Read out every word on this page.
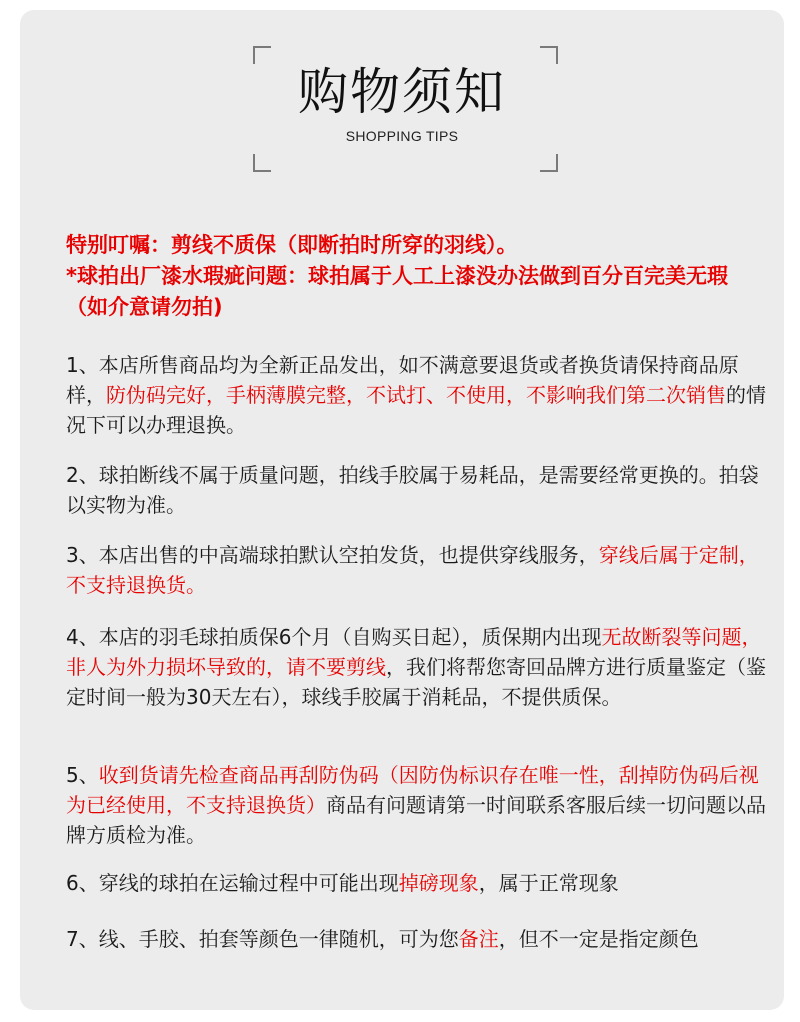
购物须知
SHOPPING TIPS
特别叮嘱：剪线不质保（即断拍时所穿的羽线）。
*球拍出厂漆水瑕疵问题：球拍属于人工上漆没办法做到百分百完美无瑕（如介意请勿拍)
1、本店所售商品均为全新正品发出，如不满意要退货或者换货请保持商品原样，防伪码完好，手柄薄膜完整，不试打、不使用，不影响我们第二次销售的情况下可以办理退换。
2、球拍断线不属于质量问题，拍线手胶属于易耗品，是需要经常更换的。拍袋以实物为准。
3、本店出售的中高端球拍默认空拍发货，也提供穿线服务，穿线后属于定制，不支持退换货。
4、本店的羽毛球拍质保6个月（自购买日起），质保期内出现无故断裂等问题，非人为外力损坏导致的，请不要剪线，我们将帮您寄回品牌方进行质量鉴定（鉴定时间一般为30天左右），球线手胶属于消耗品，不提供质保。
5、收到货请先检查商品再刮防伪码（因防伪标识存在唯一性，刮掉防伪码后视为已经使用，不支持退换货）商品有问题请第一时间联系客服后续一切问题以品牌方质检为准。
6、穿线的球拍在运输过程中可能出现掉磅现象，属于正常现象
7、线、手胶、拍套等颜色一律随机，可为您备注，但不一定是指定颜色
